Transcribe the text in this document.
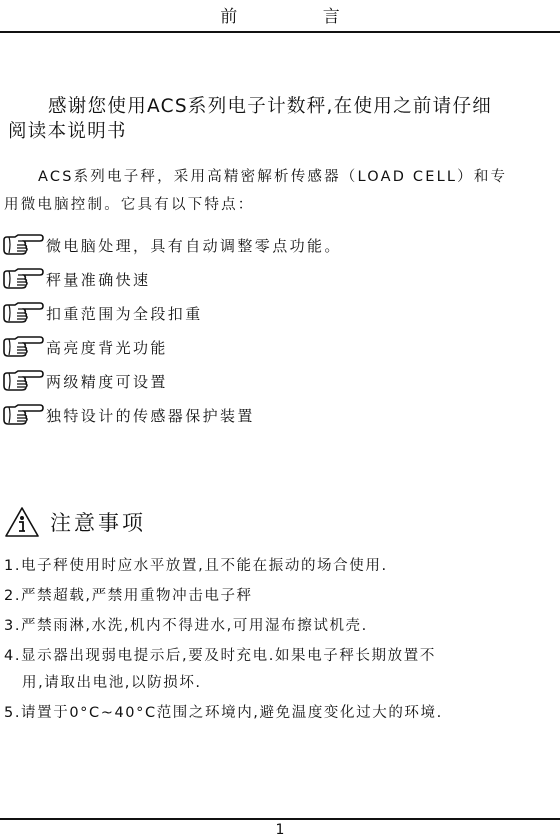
前 言
感谢您使用ACS系列电子计数秤,在使用之前请仔细
阅读本说明书
ACS系列电子秤，采用高精密解析传感器（LOAD CELL）和专
用微电脑控制。它具有以下特点：
微电脑处理，具有自动调整零点功能。
秤量准确快速
扣重范围为全段扣重
高亮度背光功能
两级精度可设置
独特设计的传感器保护装置
注意事项
1.电子秤使用时应水平放置,且不能在振动的场合使用.
2.严禁超载,严禁用重物冲击电子秤
3.严禁雨淋,水洗,机内不得进水,可用湿布擦试机壳.
4.显示器出现弱电提示后,要及时充电.如果电子秤长期放置不
用,请取出电池,以防损坏.
5.请置于0°C~40°C范围之环境内,避免温度变化过大的环境.
1
